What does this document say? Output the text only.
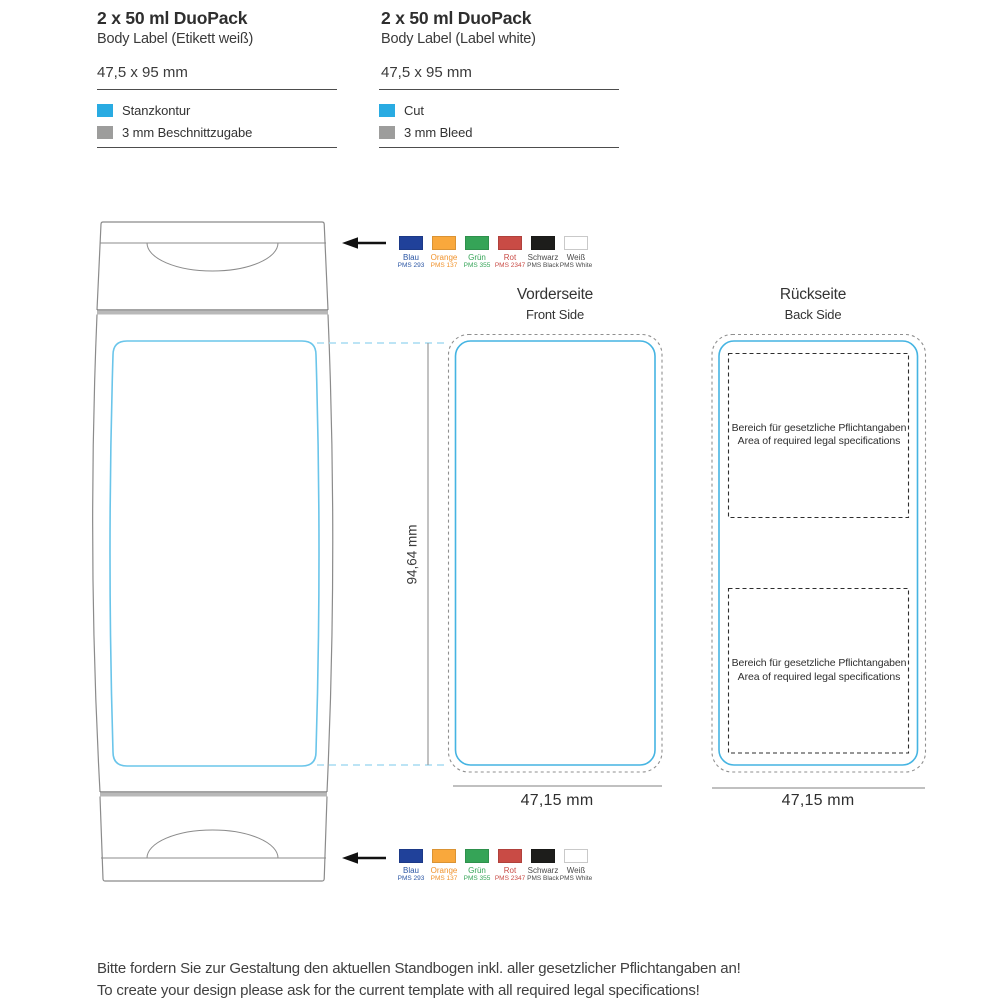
2 x 50 ml DuoPack
Body Label (Etikett weiß)
47,5 x 95 mm
Stanzkontur
3 mm Beschnittzugabe
2 x 50 ml DuoPack
Body Label (Label white)
47,5 x 95 mm
Cut
3 mm Bleed
Vorderseite
Front Side
Rückseite
Back Side
94,64 mm
47,15 mm	47,15 mm
Bereich für gesetzliche Pflichtangaben
Area of required legal specifications
Bereich für gesetzliche Pflichtangaben
Area of required legal specifications
Blau
PMS 293
Orange
PMS 137
Grün
PMS 355
Rot
PMS 2347
Schwarz
PMS Black
Weiß
PMS White
Blau
PMS 293
Orange
PMS 137
Grün
PMS 355
Rot
PMS 2347
Schwarz
PMS Black
Weiß
PMS White
Bitte fordern Sie zur Gestaltung den aktuellen Standbogen inkl. aller gesetzlicher Pflichtangaben an!
To create your design please ask for the current template with all required legal specifications!
